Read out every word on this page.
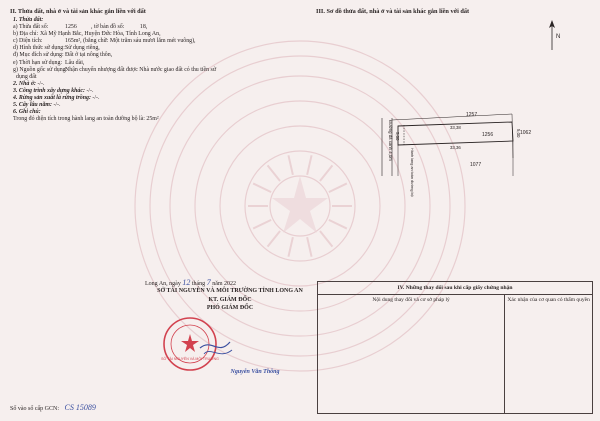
II. Thửa đất, nhà ở và tài sản khác gắn liền với đất
1. Thửa đất:
a) Thửa đất số:	1256 , tờ bản đồ số:	18,
b) Địa chỉ: Xã Mỹ Hạnh Bắc, Huyện Đức Hòa, Tỉnh Long An,
c) Diện tích:	165m², (bằng chữ: Một trăm sáu mươi lăm mét vuông),
d) Hình thức sử dụng:Sử dụng riêng,
đ) Mục đích sử dụng:Đất ở tại nông thôn,
e) Thời hạn sử dụng: Lâu dài,
g) Nguồn gốc sử dụng:Nhận chuyển nhượng đất được Nhà nước giao đất có thu tiền sử
dụng đất
2. Nhà ở: -/-.
3. Công trình xây dựng khác: -/-.
4. Rừng sản xuất là rừng trồng: -/-.
5. Cây lâu năm: -/-.
6. Ghi chú:
Trong đó diện tích trong hành lang an toàn đường bộ là: 25m²
III. Sơ đồ thửa đất, nhà ở và tài sản khác gắn liền với đất
N
1257
33,38
1256
33,36
5,00 1062
1077
5,00
Đường đá xanh 4,0m
Hành lang an toàn đường bộ
Long An, ngày 12 tháng 7 năm 2022
SỞ TÀI NGUYÊN VÀ MÔI TRƯỜNG TỈNH LONG AN
KT. GIÁM ĐỐC
PHÓ GIÁM ĐỐC
SỞ TÀI NGUYÊN VÀ MÔI TRƯỜNG
Nguyễn Văn Thông
Số vào sổ cấp GCN: CS 15089
IV. Những thay đổi sau khi cấp giấy chứng nhận
Nội dung thay đổi và cơ sở pháp lý	Xác nhận của cơ quan có thẩm quyền
